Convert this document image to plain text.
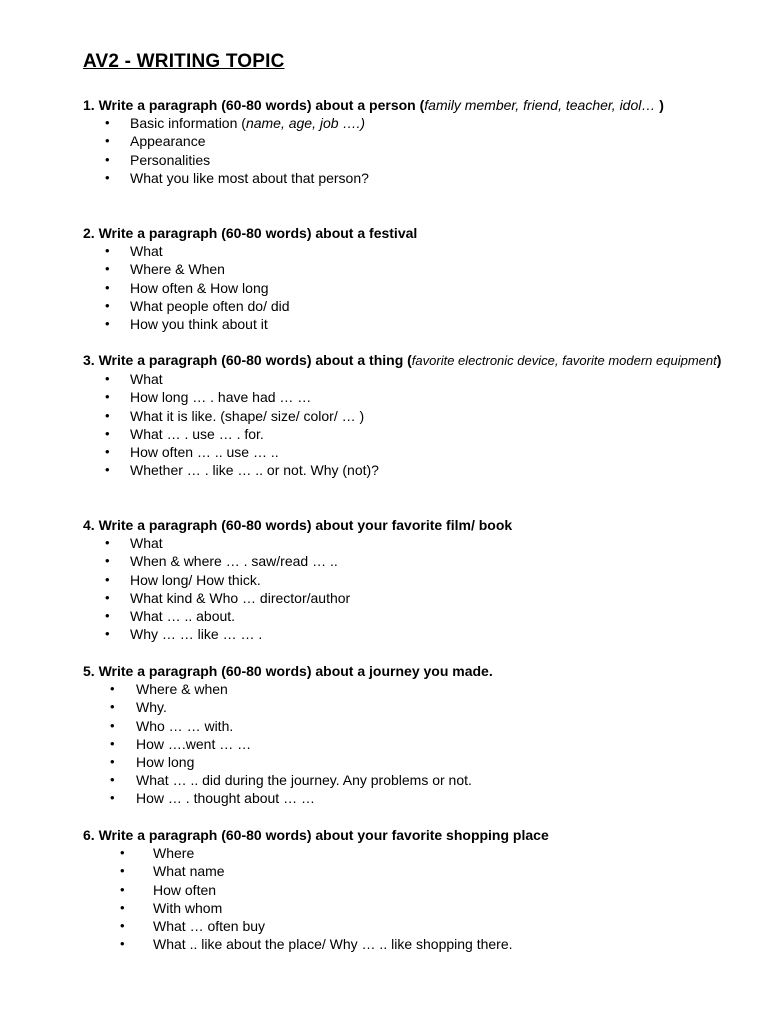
AV2 - WRITING TOPIC
1. Write a paragraph (60-80 words) about a person (family member, friend, teacher, idol… )
• Basic information (name, age, job ….)
• Appearance
• Personalities
• What you like most about that person?
2. Write a paragraph (60-80 words) about a festival
• What
• Where & When
• How often & How long
• What people often do/ did
• How you think about it
3. Write a paragraph (60-80 words) about a thing (favorite electronic device, favorite modern equipment)
• What
• How long … . have had … …
• What it is like. (shape/ size/ color/ … )
• What … . use … . for.
• How often … .. use … ..
• Whether … . like … .. or not. Why (not)?
4. Write a paragraph (60-80 words) about your favorite film/ book
• What
• When & where … . saw/read … ..
• How long/ How thick.
• What kind & Who … director/author
• What … .. about.
• Why … … like … … .
5. Write a paragraph (60-80 words) about a journey you made.
• Where & when
• Why.
• Who … … with.
• How ….went … …
• How long
• What … .. did during the journey. Any problems or not.
• How … . thought about … …
6. Write a paragraph (60-80 words) about your favorite shopping place
• Where
• What name
• How often
• With whom
• What … often buy
• What .. like about the place/ Why … .. like shopping there.
